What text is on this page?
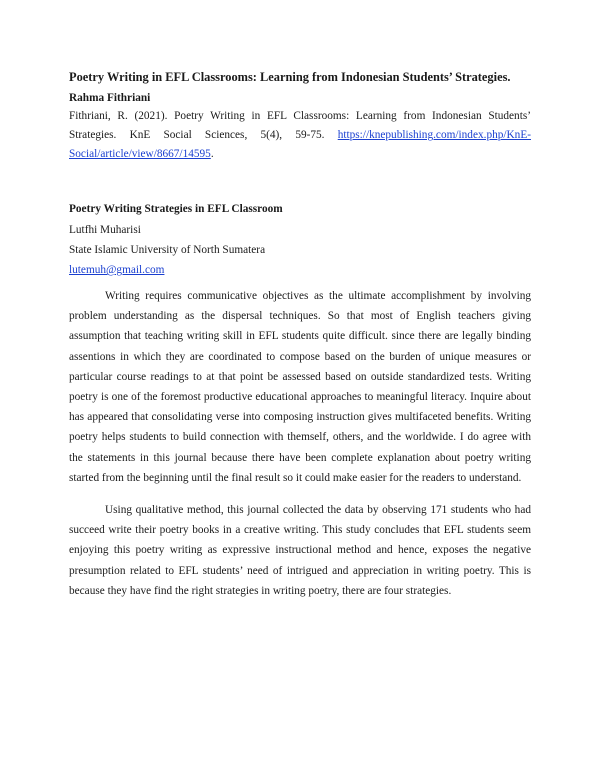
Poetry Writing in EFL Classrooms: Learning from Indonesian Students’ Strategies.

Rahma Fithriani

Fithriani, R. (2021). Poetry Writing in EFL Classrooms: Learning from Indonesian Students’ Strategies. KnE Social Sciences, 5(4), 59-75. https://knepublishing.com/index.php/KnE-Social/article/view/8667/14595.

Poetry Writing Strategies in EFL Classroom

Lutfhi Muharisi

State Islamic University of North Sumatera

lutemuh@gmail.com

Writing requires communicative objectives as the ultimate accomplishment by involving problem understanding as the dispersal techniques. So that most of English teachers giving assumption that teaching writing skill in EFL students quite difficult. since there are legally binding assentions in which they are coordinated to compose based on the burden of unique measures or particular course readings to at that point be assessed based on outside standardized tests. Writing poetry is one of the foremost productive educational approaches to meaningful literacy. Inquire about has appeared that consolidating verse into composing instruction gives multifaceted benefits. Writing poetry helps students to build connection with themself, others, and the worldwide. I do agree with the statements in this journal because there have been complete explanation about poetry writing started from the beginning until the final result so it could make easier for the readers to understand.

Using qualitative method, this journal collected the data by observing 171 students who had succeed write their poetry books in a creative writing. This study concludes that EFL students seem enjoying this poetry writing as expressive instructional method and hence, exposes the negative presumption related to EFL students’ need of intrigued and appreciation in writing poetry. This is because they have find the right strategies in writing poetry, there are four strategies.
